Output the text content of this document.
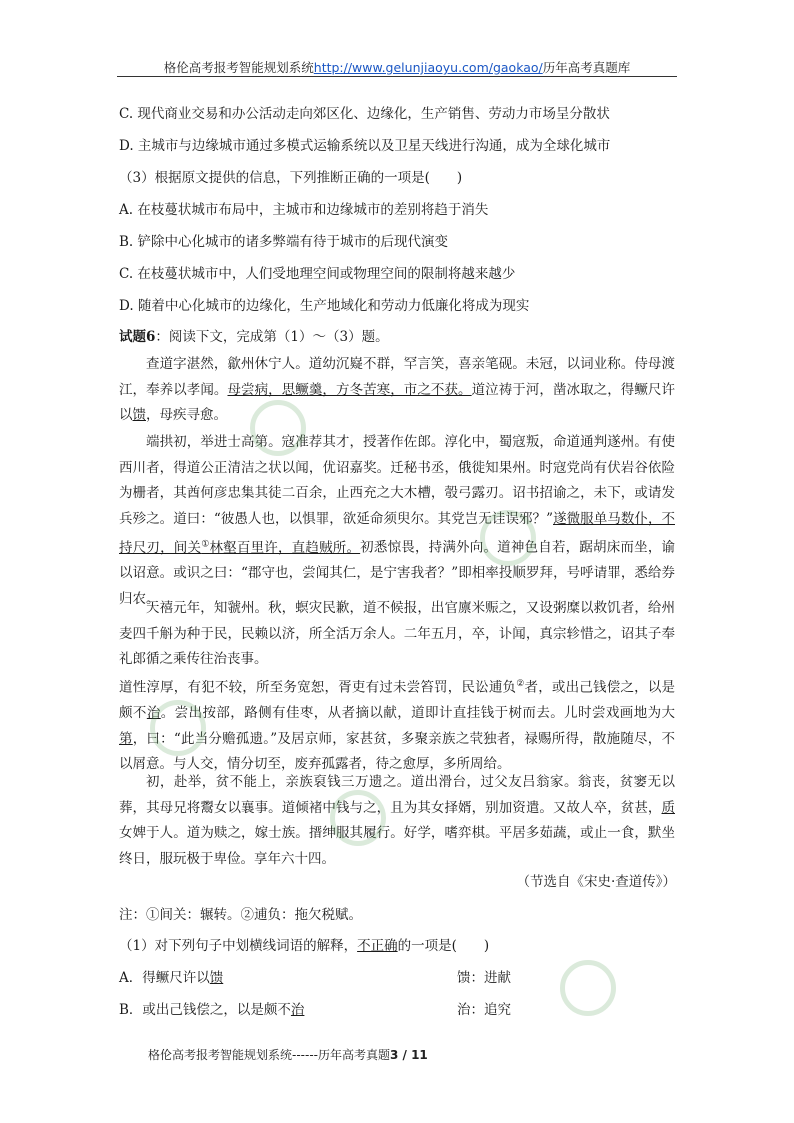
格伦高考报考智能规划系统http://www.gelunjiaoyu.com/gaokao/历年高考真题库
C. 现代商业交易和办公活动走向郊区化、边缘化，生产销售、劳动力市场呈分散状
D. 主城市与边缘城市通过多模式运输系统以及卫星天线进行沟通，成为全球化城市
（3）根据原文提供的信息，下列推断正确的一项是(　　)
A. 在枝蔓状城市布局中，主城市和边缘城市的差别将趋于消失
B. 铲除中心化城市的诸多弊端有待于城市的后现代演变
C. 在枝蔓状城市中，人们受地理空间或物理空间的限制将越来越少
D. 随着中心化城市的边缘化，生产地域化和劳动力低廉化将成为现实
试题6：阅读下文，完成第（1）～（3）题。

查道字湛然，歙州休宁人。道幼沉嶷不群，罕言笑，喜亲笔砚。未冠，以词业称。侍母渡江，奉养以孝闻。母尝病，思鳜羹，方冬苦寒，市之不获。道泣祷于河，凿冰取之，得鳜尺许以馈，母疾寻愈。

端拱初，举进士高第。寇准荐其才，授著作佐郎。淳化中，蜀寇叛，命道通判遂州。有使西川者，得道公正清洁之状以闻，优诏嘉奖。迁秘书丞，俄徙知果州。时寇党尚有伏岩谷依险为栅者，其酋何彦忠集其徒二百余，止西充之大木槽，彀弓露刃。诏书招谕之，未下，或请发兵殄之。道曰：“彼愚人也，以惧罪，欲延命须臾尔。其党岂无诖误邪？”遂微服单马数仆，不持尺刃，间关①林壑百里许，直趋贼所。初悉惊畏，持满外向。道神色自若，踞胡床而坐，谕以诏意。或识之曰：“郡守也，尝闻其仁，是宁害我者？”即相率投顺罗拜，号呼请罪，悉给券归农。

天禧元年，知虢州。秋，螟灾民歉，道不候报，出官廪米赈之，又设粥糜以救饥者，给州麦四千斛为种于民，民赖以济，所全活万余人。二年五月，卒，讣闻，真宗轸惜之，诏其子奉礼郎循之乘传往治丧事。

道性淳厚，有犯不较，所至务宽恕，胥吏有过未尝笞罚，民讼逋负②者，或出己钱偿之，以是颇不治。尝出按部，路侧有佳枣，从者摘以献，道即计直挂钱于树而去。儿时尝戏画地为大第，曰：“此当分赡孤遗。”及居京师，家甚贫，多聚亲族之茕独者，禄赐所得，散施随尽，不以屑意。与人交，情分切至，废弃孤露者，待之愈厚，多所周给。

初，赴举，贫不能上，亲族裒钱三万遗之。道出滑台，过父友吕翁家。翁丧，贫窭无以葬，其母兄将鬻女以襄事。道倾褚中钱与之，且为其女择婿，别加资遣。又故人卒，贫甚，质女婢于人。道为赎之，嫁士族。搢绅服其履行。好学，嗜弈棋。平居多茹蔬，或止一食，默坐终日，服玩极于卑俭。享年六十四。

（节选自《宋史·查道传》）
注：①间关：辗转。②逋负：拖欠税赋。
（1）对下列句子中划横线词语的解释，不正确的一项是(　　)
A．得鳜尺许以馈	馈：进献
B．或出己钱偿之，以是颇不治	治：追究
格伦高考报考智能规划系统------历年高考真题3 / 11
